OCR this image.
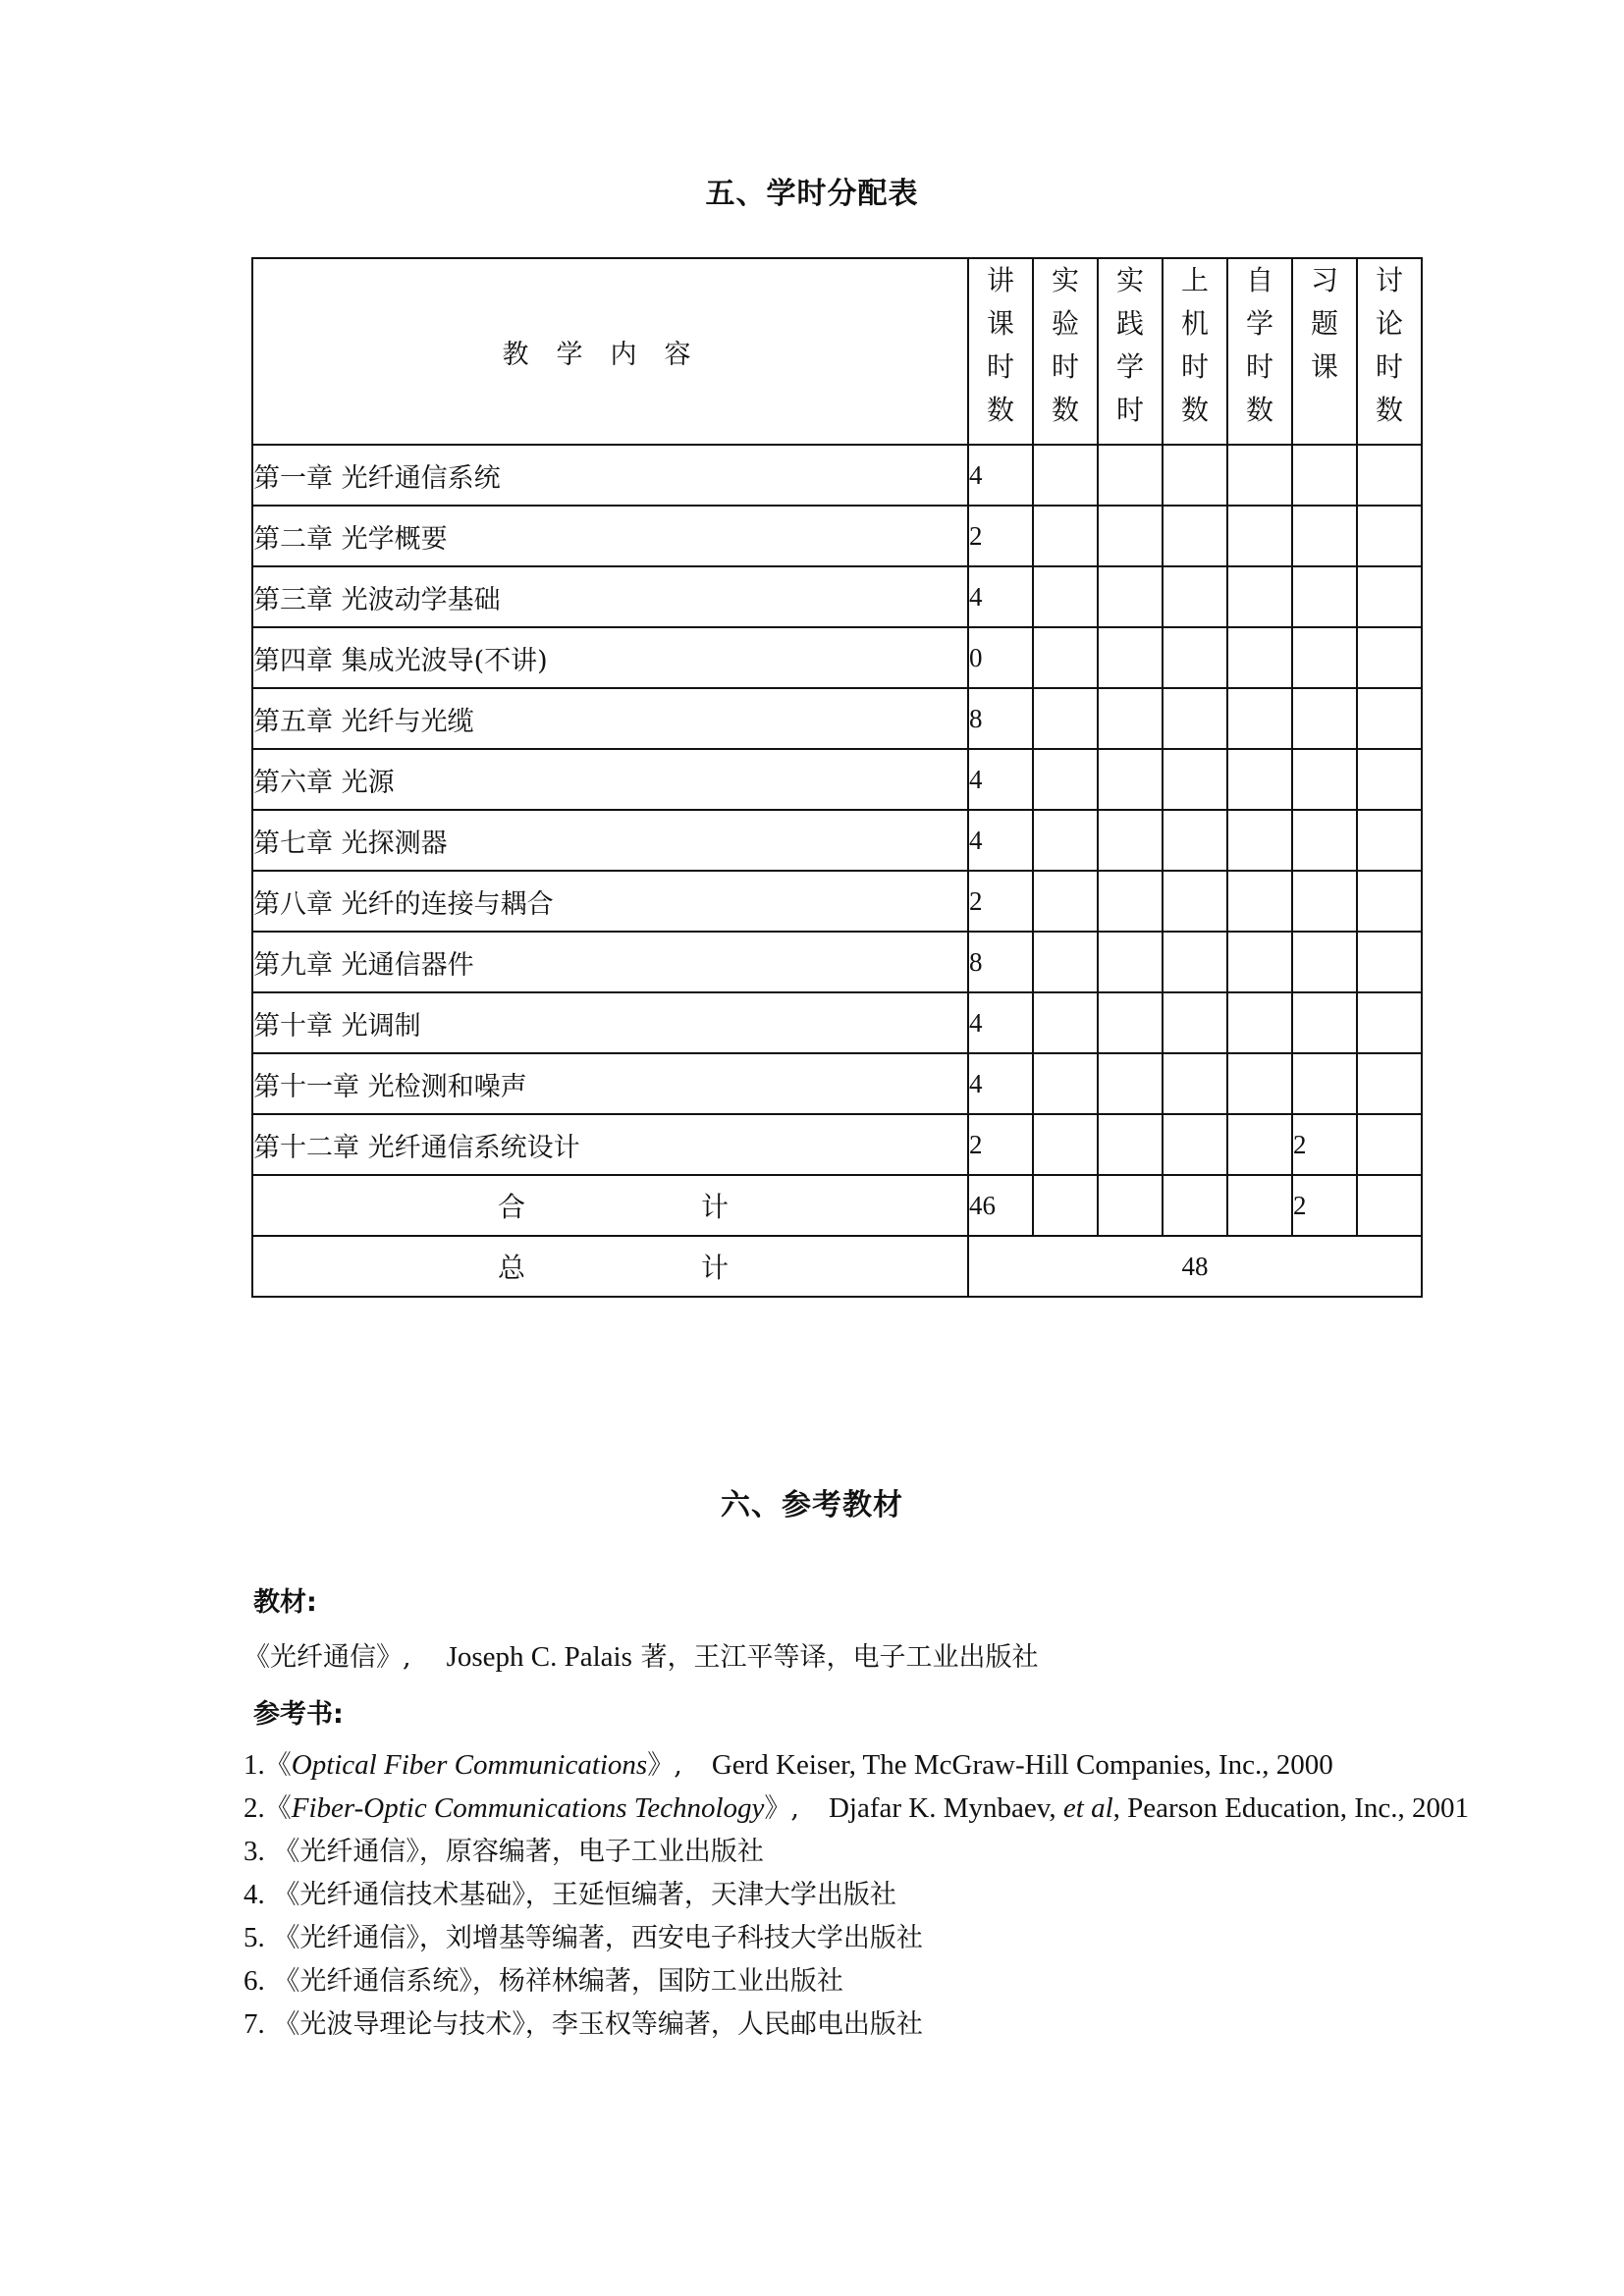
五、学时分配表
教学内容	讲课时数	实验时数	实践学时	上机时数	自学时数	习题课	讨论时数

第一章 光纤通信系统	4						
第二章 光学概要	2						
第三章 光波动学基础	4						
第四章 集成光波导(不讲)	0						
第五章 光纤与光缆	8						
第六章 光源	4						
第七章 光探测器	4						
第八章 光纤的连接与耦合	2						
第九章 光通信器件	8						
第十章 光调制	4						
第十一章 光检测和噪声	4						
第十二章 光纤通信系统设计	2					2	

合 计	46					2	

总 计	48						
六、参考教材
教材:
《光纤通信》, Joseph C. Palais 著，王江平等译，电子工业出版社
参考书:
1.《Optical Fiber Communications》, Gerd Keiser, The McGraw-Hill Companies, Inc., 2000
2.《Fiber-Optic Communications Technology》, Djafar K. Mynbaev, et al, Pearson Education, Inc., 2001
3. 《光纤通信》，原容编著，电子工业出版社
4. 《光纤通信技术基础》，王延恒编著，天津大学出版社
5. 《光纤通信》，刘增基等编著，西安电子科技大学出版社
6. 《光纤通信系统》，杨祥林编著，国防工业出版社
7. 《光波导理论与技术》，李玉权等编著，人民邮电出版社
